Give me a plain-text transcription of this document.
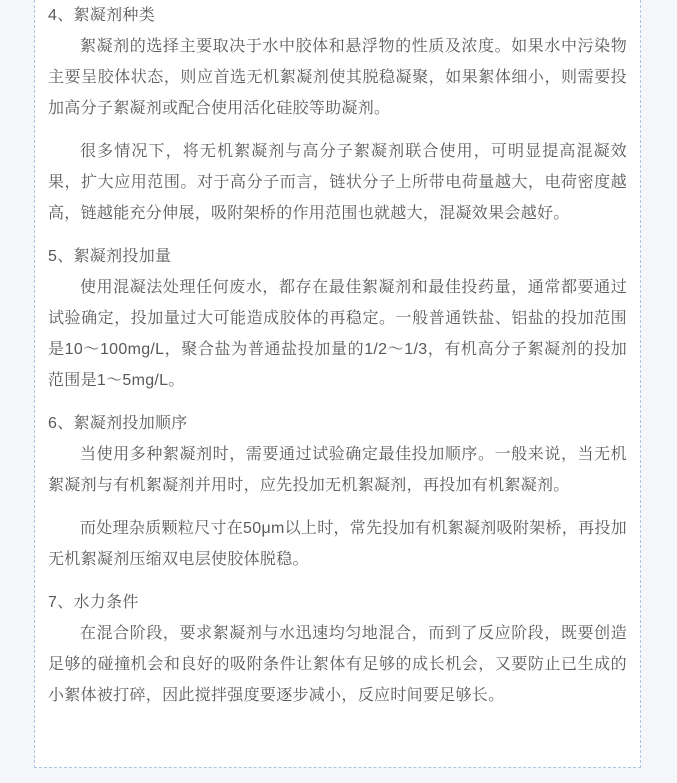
4、絮凝剂种类

絮凝剂的选择主要取决于水中胶体和悬浮物的性质及浓度。如果水中污染物主要呈胶体状态，则应首选无机絮凝剂使其脱稳凝聚，如果絮体细小，则需要投加高分子絮凝剂或配合使用活化硅胶等助凝剂。

很多情况下，将无机絮凝剂与高分子絮凝剂联合使用，可明显提高混凝效果，扩大应用范围。对于高分子而言，链状分子上所带电荷量越大，电荷密度越高，链越能充分伸展，吸附架桥的作用范围也就越大，混凝效果会越好。

5、絮凝剂投加量

使用混凝法处理任何废水，都存在最佳絮凝剂和最佳投药量，通常都要通过试验确定，投加量过大可能造成胶体的再稳定。一般普通铁盐、铝盐的投加范围是10～100mg/L，聚合盐为普通盐投加量的1/2～1/3，有机高分子絮凝剂的投加范围是1～5mg/L。

6、絮凝剂投加顺序

当使用多种絮凝剂时，需要通过试验确定最佳投加顺序。一般来说，当无机絮凝剂与有机絮凝剂并用时，应先投加无机絮凝剂，再投加有机絮凝剂。

而处理杂质颗粒尺寸在50μm以上时，常先投加有机絮凝剂吸附架桥，再投加无机絮凝剂压缩双电层使胶体脱稳。

7、水力条件

在混合阶段，要求絮凝剂与水迅速均匀地混合，而到了反应阶段，既要创造足够的碰撞机会和良好的吸附条件让絮体有足够的成长机会，又要防止已生成的小絮体被打碎，因此搅拌强度要逐步减小，反应时间要足够长。
